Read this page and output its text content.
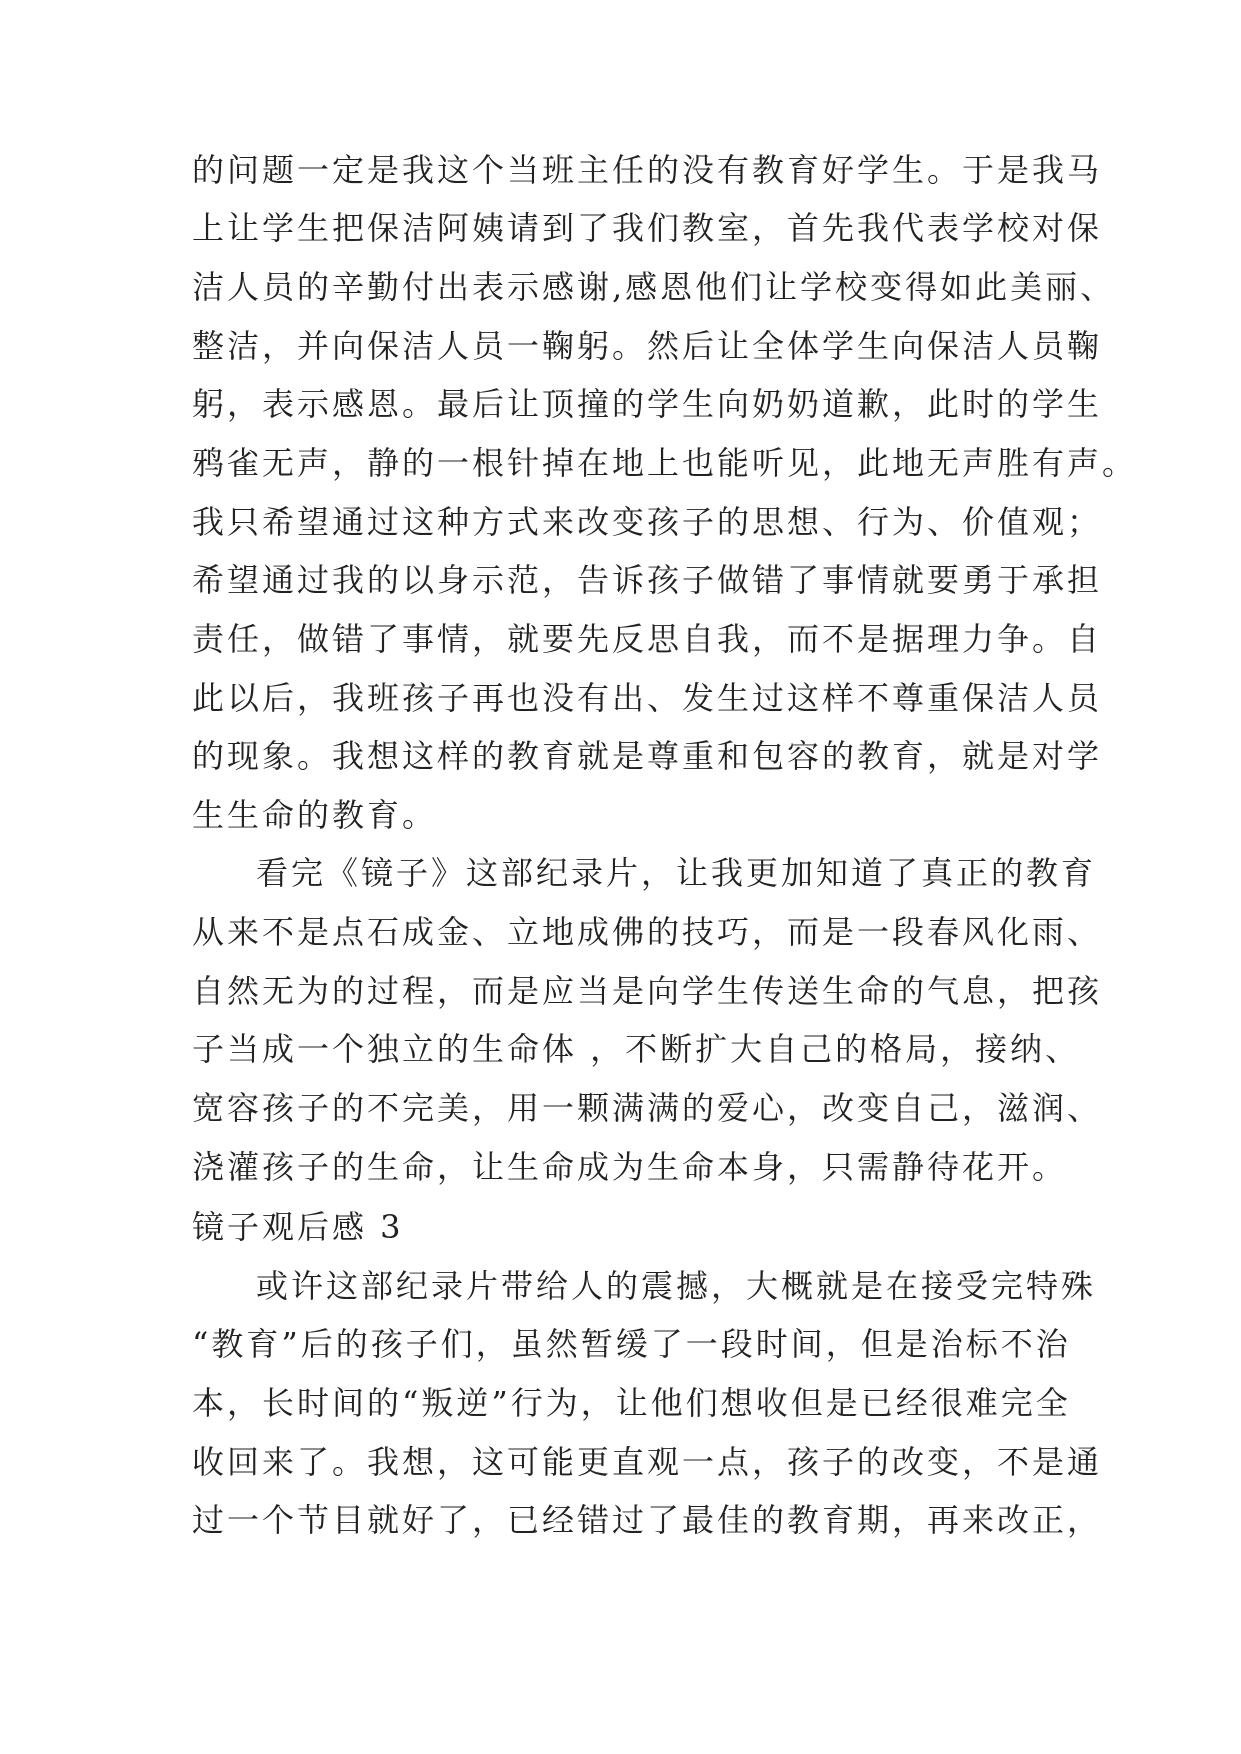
的问题一定是我这个当班主任的没有教育好学生。于是我马
上让学生把保洁阿姨请到了我们教室，首先我代表学校对保
洁人员的辛勤付出表示感谢,感恩他们让学校变得如此美丽、
整洁，并向保洁人员一鞠躬。然后让全体学生向保洁人员鞠
躬，表示感恩。最后让顶撞的学生向奶奶道歉，此时的学生
鸦雀无声，静的一根针掉在地上也能听见，此地无声胜有声。
我只希望通过这种方式来改变孩子的思想、行为、价值观；
希望通过我的以身示范，告诉孩子做错了事情就要勇于承担
责任，做错了事情，就要先反思自我，而不是据理力争。自
此以后，我班孩子再也没有出、发生过这样不尊重保洁人员
的现象。我想这样的教育就是尊重和包容的教育，就是对学
生生命的教育。
看完《镜子》这部纪录片，让我更加知道了真正的教育
从来不是点石成金、立地成佛的技巧，而是一段春风化雨、
自然无为的过程，而是应当是向学生传送生命的气息，把孩
子当成一个独立的生命体 ，不断扩大自己的格局，接纳、
宽容孩子的不完美，用一颗满满的爱心，改变自己，滋润、
浇灌孩子的生命，让生命成为生命本身，只需静待花开。
镜子观后感 3
或许这部纪录片带给人的震撼，大概就是在接受完特殊
“教育”后的孩子们，虽然暂缓了一段时间，但是治标不治
本，长时间的“叛逆”行为，让他们想收但是已经很难完全
收回来了。我想，这可能更直观一点，孩子的改变，不是通
过一个节目就好了，已经错过了最佳的教育期，再来改正，
